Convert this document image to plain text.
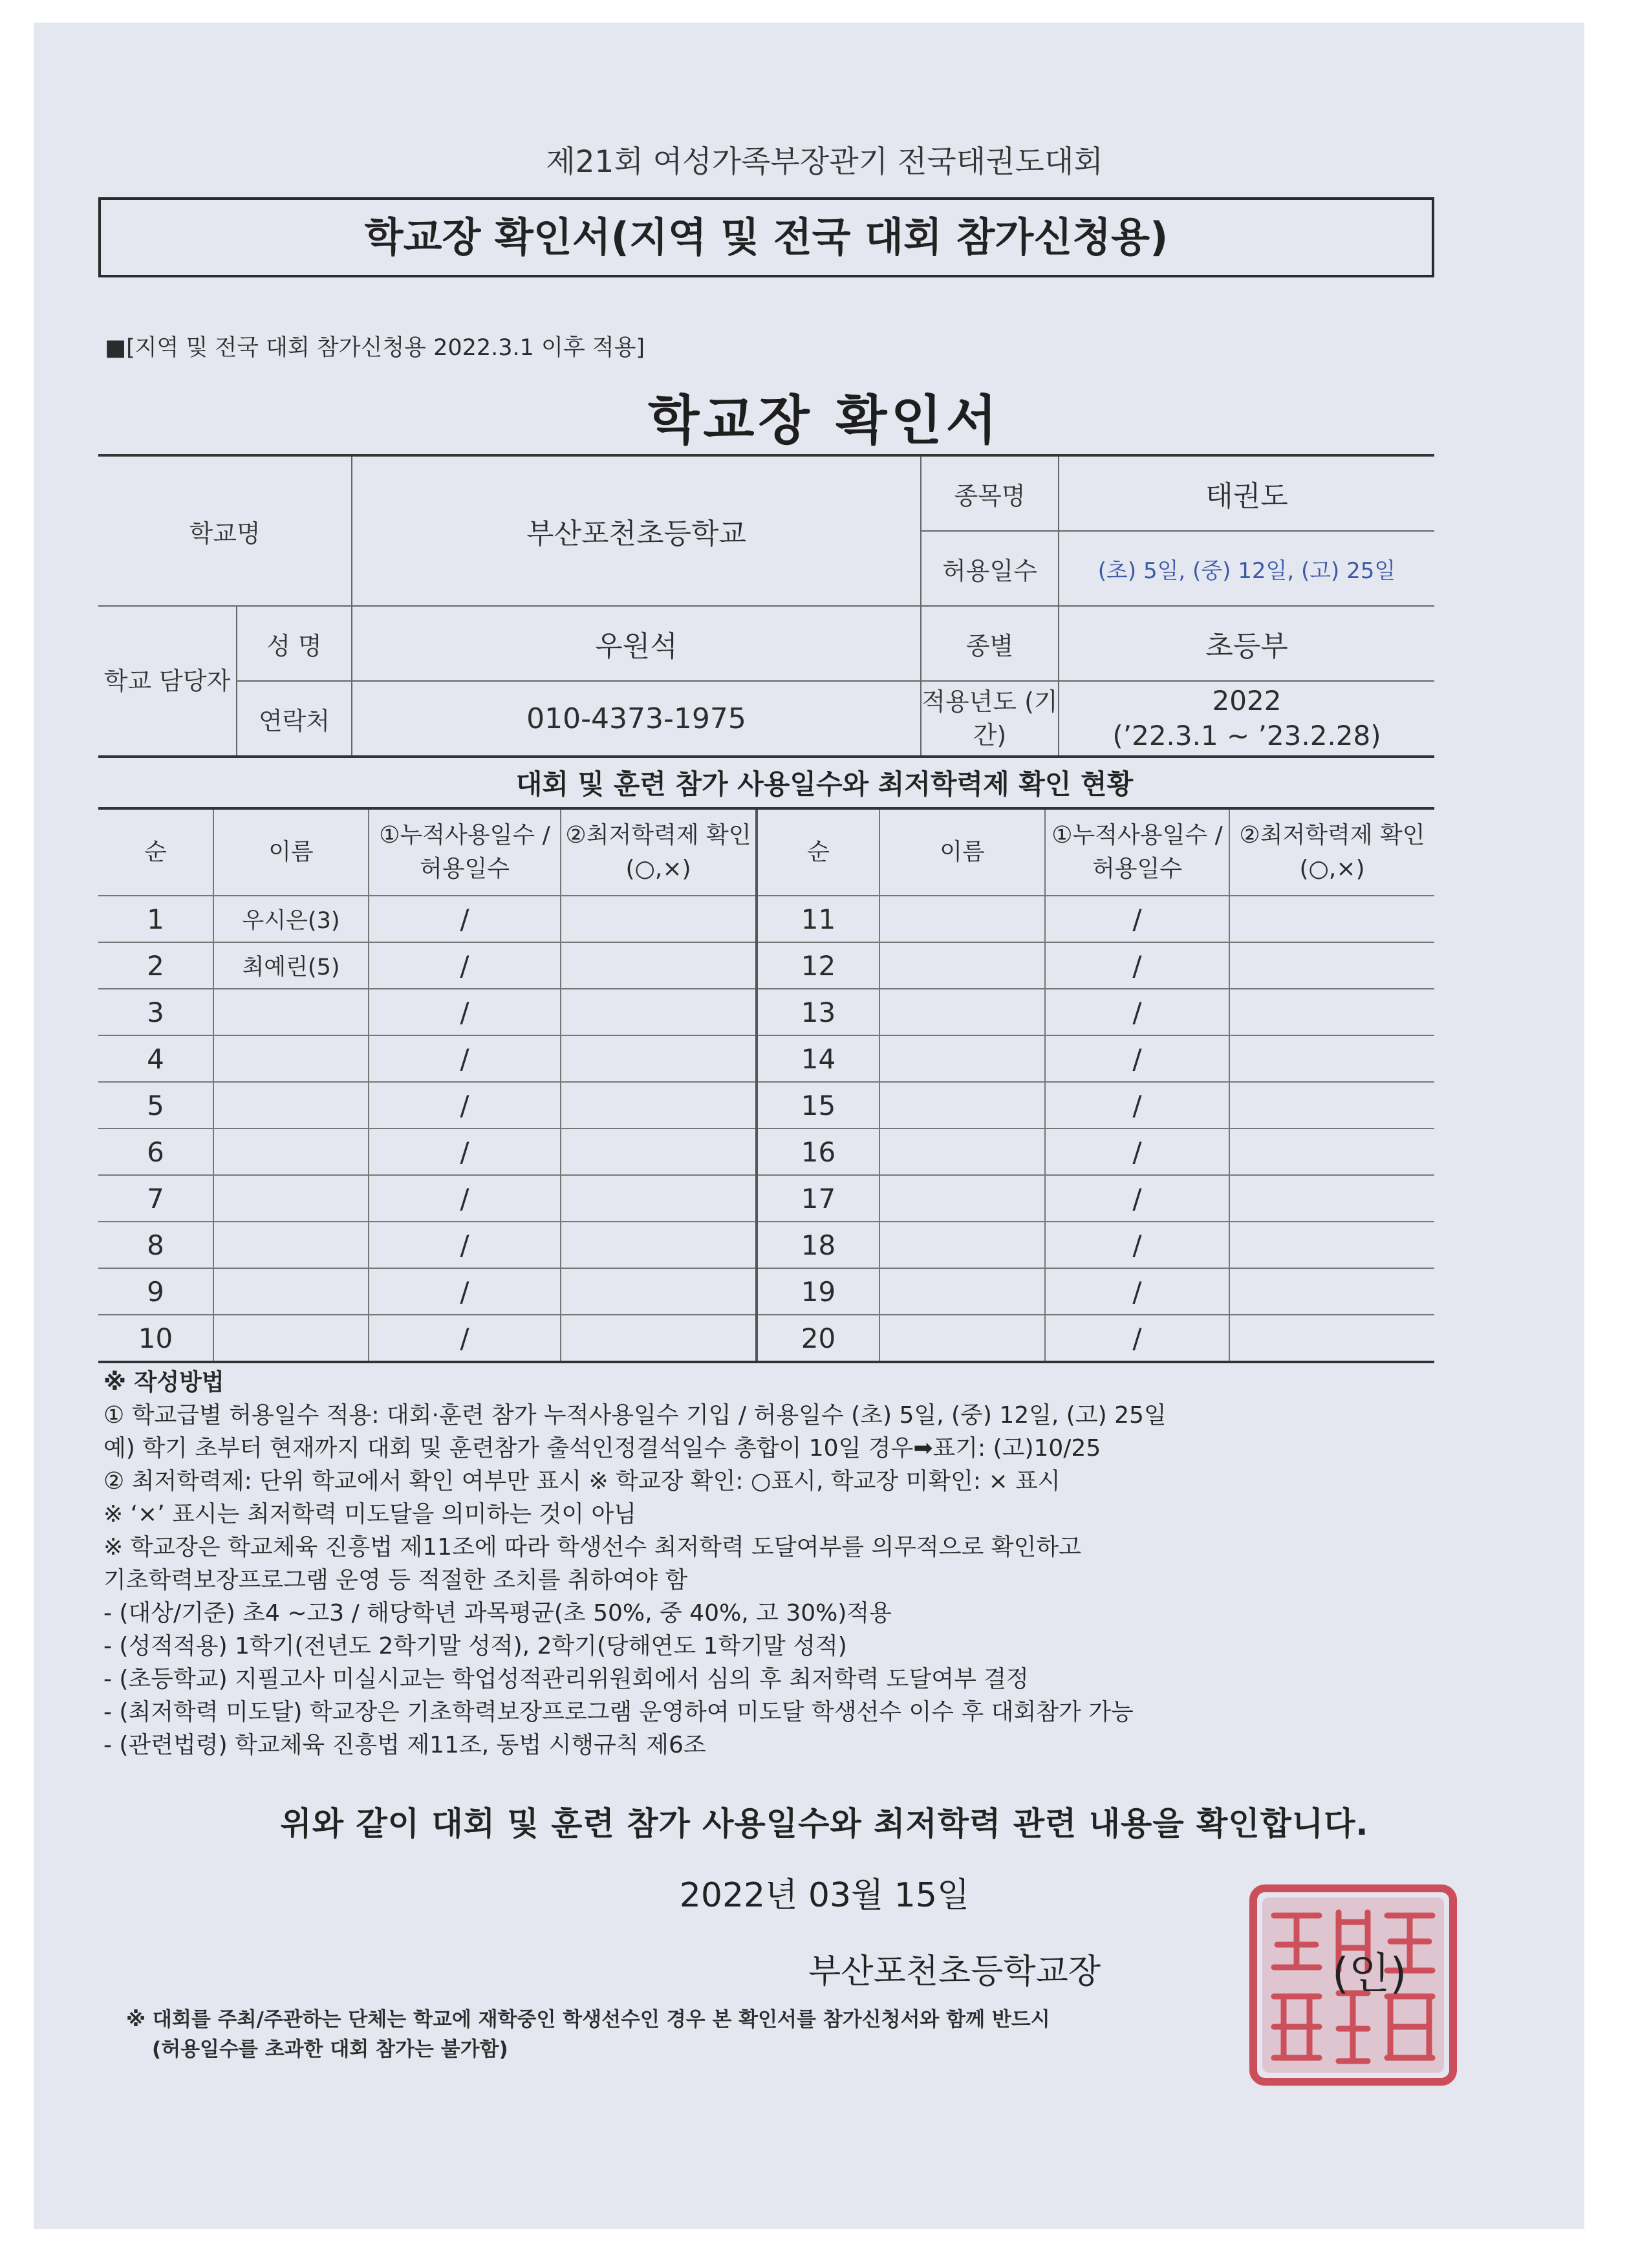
제21회 여성가족부장관기 전국태권도대회
학교장 확인서(지역 및 전국 대회 참가신청용)
■[지역 및 전국 대회 참가신청용 2022.3.1 이후 적용]
학교장 확인서
학교명		부산포천초등학교	종목명	태권도
			허용일수	(초) 5일, (중) 12일, (고) 25일
학교 담당자	성 명	우원석	종별	초등부
	연락처	010-4373-1975	적용년도 (기간)	2022
(’22.3.1 ~ ’23.2.28)
대회 및 훈련 참가 사용일수와 최저학력제 확인 현황
순	이름	①누적사용일수 /허용일수	②최저학력제 확인(○,×)	순	이름	①누적사용일수 /허용일수	②최저학력제 확인(○,×)
1	우시은(3)	/		11		/	
2	최예린(5)	/		12		/	
3		/		13		/	
4		/		14		/	
5		/		15		/	
6		/		16		/	
7		/		17		/	
8		/		18		/	
9		/		19		/	
10		/		20		/	
※ 작성방법
① 학교급별 허용일수 적용: 대회·훈련 참가 누적사용일수 기입 / 허용일수 (초) 5일, (중) 12일, (고) 25일
예) 학기 초부터 현재까지 대회 및 훈련참가 출석인정결석일수 총합이 10일 경우➡표기: (고)10/25
② 최저학력제: 단위 학교에서 확인 여부만 표시 ※ 학교장 확인: ○표시, 학교장 미확인: × 표시
※ ‘×’ 표시는 최저학력 미도달을 의미하는 것이 아님
※ 학교장은 학교체육 진흥법 제11조에 따라 학생선수 최저학력 도달여부를 의무적으로 확인하고
기초학력보장프로그램 운영 등 적절한 조치를 취하여야 함
- (대상/기준) 초4 ~고3 / 해당학년 과목평균(초 50%, 중 40%, 고 30%)적용
- (성적적용) 1학기(전년도 2학기말 성적), 2학기(당해연도 1학기말 성적)
- (초등학교) 지필고사 미실시교는 학업성적관리위원회에서 심의 후 최저학력 도달여부 결정
- (최저학력 미도달) 학교장은 기초학력보장프로그램 운영하여 미도달 학생선수 이수 후 대회참가 가능
- (관련법령) 학교체육 진흥법 제11조, 동법 시행규칙 제6조
위와 같이 대회 및 훈련 참가 사용일수와 최저학력 관련 내용을 확인합니다.
2022년 03월 15일
부산포천초등학교장	(인)
※ 대회를 주최/주관하는 단체는 학교에 재학중인 학생선수인 경우 본 확인서를 참가신청서와 함께 반드시
(허용일수를 초과한 대회 참가는 불가함)
